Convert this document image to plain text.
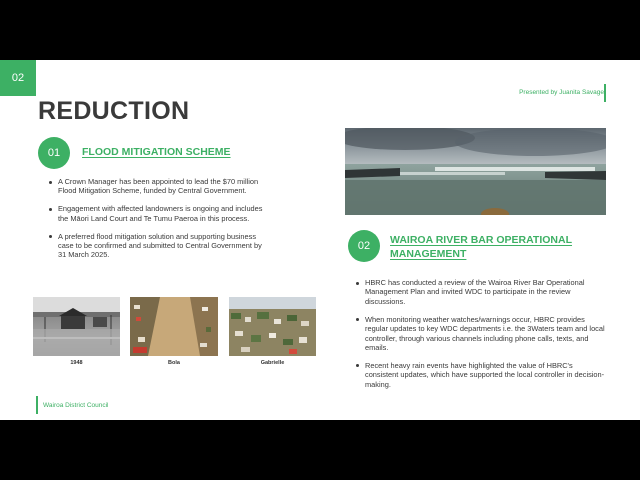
02
Presented by Juanita Savage
REDUCTION
01	FLOOD MITIGATION SCHEME
A Crown Manager has been appointed to lead the $70 million Flood Mitigation Scheme, funded by Central Government.
Engagement with affected landowners is ongoing and includes the Māori Land Court and Te Tumu Paeroa in this process.
A preferred flood mitigation solution and supporting business case to be confirmed and submitted to Central Government by 31 March 2025.
1948	Bola	Gabrielle
02	WAIROA RIVER BAR OPERATIONAL MANAGEMENT
HBRC has conducted a review of the Wairoa River Bar Operational Management Plan and invited WDC to participate in the review discussions.
When monitoring weather watches/warnings occur, HBRC provides regular updates to key WDC departments i.e. the 3Waters team and local controller, through various channels including phone calls, texts, and emails.
Recent heavy rain events have highlighted the value of HBRC's consistent updates, which have supported the local controller in decision-making.
Wairoa District Council
